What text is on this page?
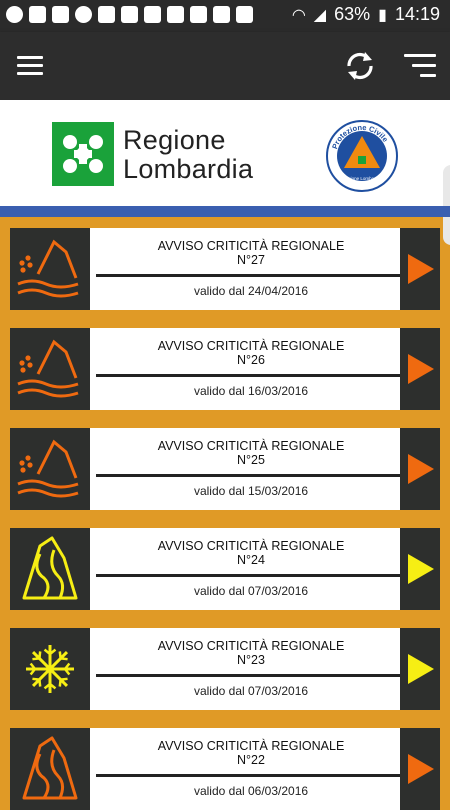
◠ ◢ 63% ▮ 14:19
Regione
Lombardia
Protezione Civile
Regione Lombardia
AVVISO CRITICITÀ REGIONALE
N°27
valido dal 24/04/2016
AVVISO CRITICITÀ REGIONALE
N°26
valido dal 16/03/2016
AVVISO CRITICITÀ REGIONALE
N°25
valido dal 15/03/2016
AVVISO CRITICITÀ REGIONALE
N°24
valido dal 07/03/2016
AVVISO CRITICITÀ REGIONALE
N°23
valido dal 07/03/2016
AVVISO CRITICITÀ REGIONALE
N°22
valido dal 06/03/2016
